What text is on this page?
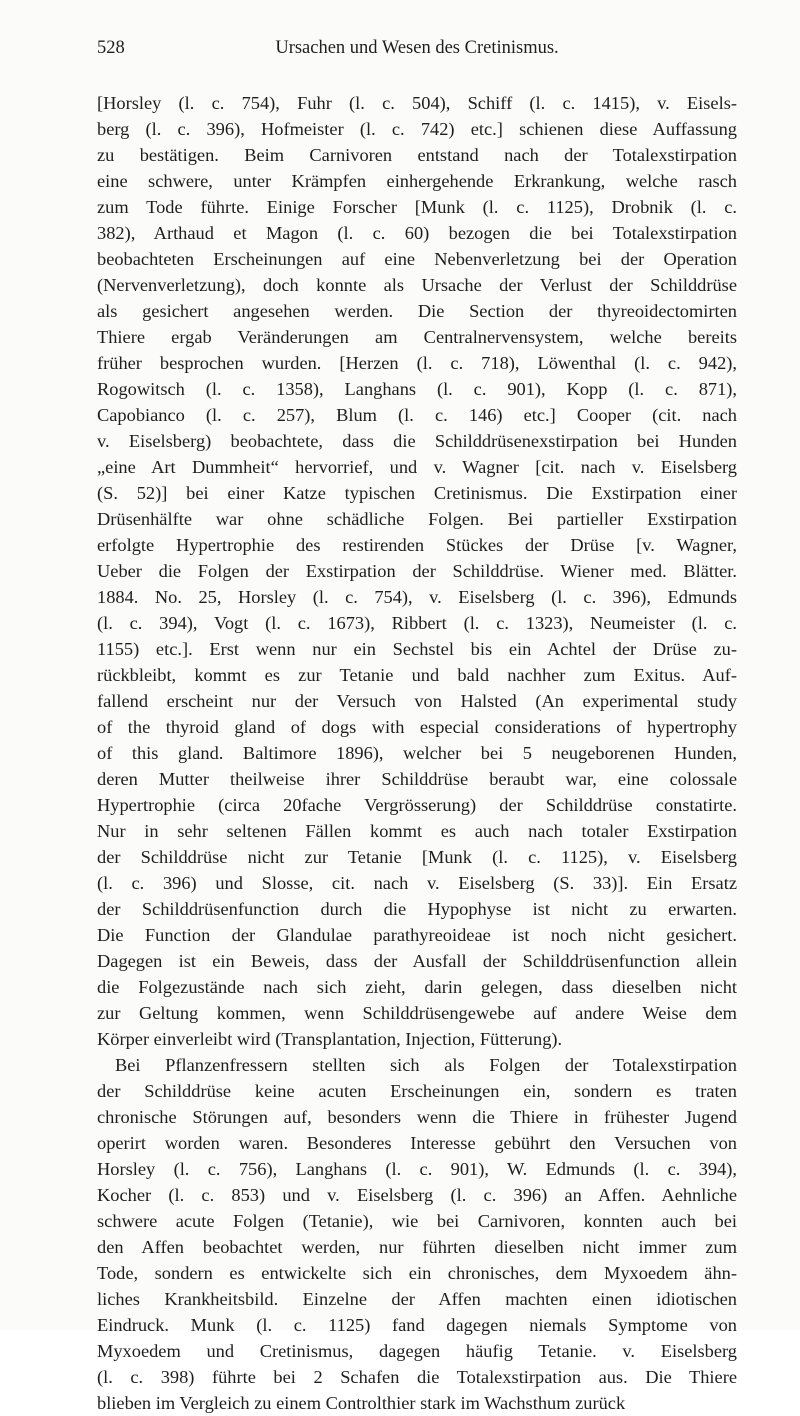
528	Ursachen und Wesen des Cretinismus.
[Horsley (l. c. 754), Fuhr (l. c. 504), Schiff (l. c. 1415), v. Eisels-
berg (l. c. 396), Hofmeister (l. c. 742) etc.] schienen diese Auffassung
zu bestätigen. Beim Carnivoren entstand nach der Totalexstirpation
eine schwere, unter Krämpfen einhergehende Erkrankung, welche rasch
zum Tode führte. Einige Forscher [Munk (l. c. 1125), Drobnik (l. c.
382), Arthaud et Magon (l. c. 60) bezogen die bei Totalexstirpation
beobachteten Erscheinungen auf eine Nebenverletzung bei der Operation
(Nervenverletzung), doch konnte als Ursache der Verlust der Schilddrüse
als gesichert angesehen werden. Die Section der thyreoidectomirten
Thiere ergab Veränderungen am Centralnervensystem, welche bereits
früher besprochen wurden. [Herzen (l. c. 718), Löwenthal (l. c. 942),
Rogowitsch (l. c. 1358), Langhans (l. c. 901), Kopp (l. c. 871),
Capobianco (l. c. 257), Blum (l. c. 146) etc.] Cooper (cit. nach
v. Eiselsberg) beobachtete, dass die Schilddrüsenexstirpation bei Hunden
„eine Art Dummheit“ hervorrief, und v. Wagner [cit. nach v. Eiselsberg
(S. 52)] bei einer Katze typischen Cretinismus. Die Exstirpation einer
Drüsenhälfte war ohne schädliche Folgen. Bei partieller Exstirpation
erfolgte Hypertrophie des restirenden Stückes der Drüse [v. Wagner,
Ueber die Folgen der Exstirpation der Schilddrüse. Wiener med. Blätter.
1884. No. 25, Horsley (l. c. 754), v. Eiselsberg (l. c. 396), Edmunds
(l. c. 394), Vogt (l. c. 1673), Ribbert (l. c. 1323), Neumeister (l. c.
1155) etc.]. Erst wenn nur ein Sechstel bis ein Achtel der Drüse zu-
rückbleibt, kommt es zur Tetanie und bald nachher zum Exitus. Auf-
fallend erscheint nur der Versuch von Halsted (An experimental study
of the thyroid gland of dogs with especial considerations of hypertrophy
of this gland. Baltimore 1896), welcher bei 5 neugeborenen Hunden,
deren Mutter theilweise ihrer Schilddrüse beraubt war, eine colossale
Hypertrophie (circa 20fache Vergrösserung) der Schilddrüse constatirte.
Nur in sehr seltenen Fällen kommt es auch nach totaler Exstirpation
der Schilddrüse nicht zur Tetanie [Munk (l. c. 1125), v. Eiselsberg
(l. c. 396) und Slosse, cit. nach v. Eiselsberg (S. 33)]. Ein Ersatz
der Schilddrüsenfunction durch die Hypophyse ist nicht zu erwarten.
Die Function der Glandulae parathyreoideae ist noch nicht gesichert.
Dagegen ist ein Beweis, dass der Ausfall der Schilddrüsenfunction allein
die Folgezustände nach sich zieht, darin gelegen, dass dieselben nicht
zur Geltung kommen, wenn Schilddrüsengewebe auf andere Weise dem
Körper einverleibt wird (Transplantation, Injection, Fütterung).
Bei Pflanzenfressern stellten sich als Folgen der Totalexstirpation
der Schilddrüse keine acuten Erscheinungen ein, sondern es traten
chronische Störungen auf, besonders wenn die Thiere in frühester Jugend
operirt worden waren. Besonderes Interesse gebührt den Versuchen von
Horsley (l. c. 756), Langhans (l. c. 901), W. Edmunds (l. c. 394),
Kocher (l. c. 853) und v. Eiselsberg (l. c. 396) an Affen. Aehnliche
schwere acute Folgen (Tetanie), wie bei Carnivoren, konnten auch bei
den Affen beobachtet werden, nur führten dieselben nicht immer zum
Tode, sondern es entwickelte sich ein chronisches, dem Myxoedem ähn-
liches Krankheitsbild. Einzelne der Affen machten einen idiotischen
Eindruck. Munk (l. c. 1125) fand dagegen niemals Symptome von
Myxoedem und Cretinismus, dagegen häufig Tetanie. v. Eiselsberg
(l. c. 398) führte bei 2 Schafen die Totalexstirpation aus. Die Thiere
blieben im Vergleich zu einem Controlthier stark im Wachsthum zurück
